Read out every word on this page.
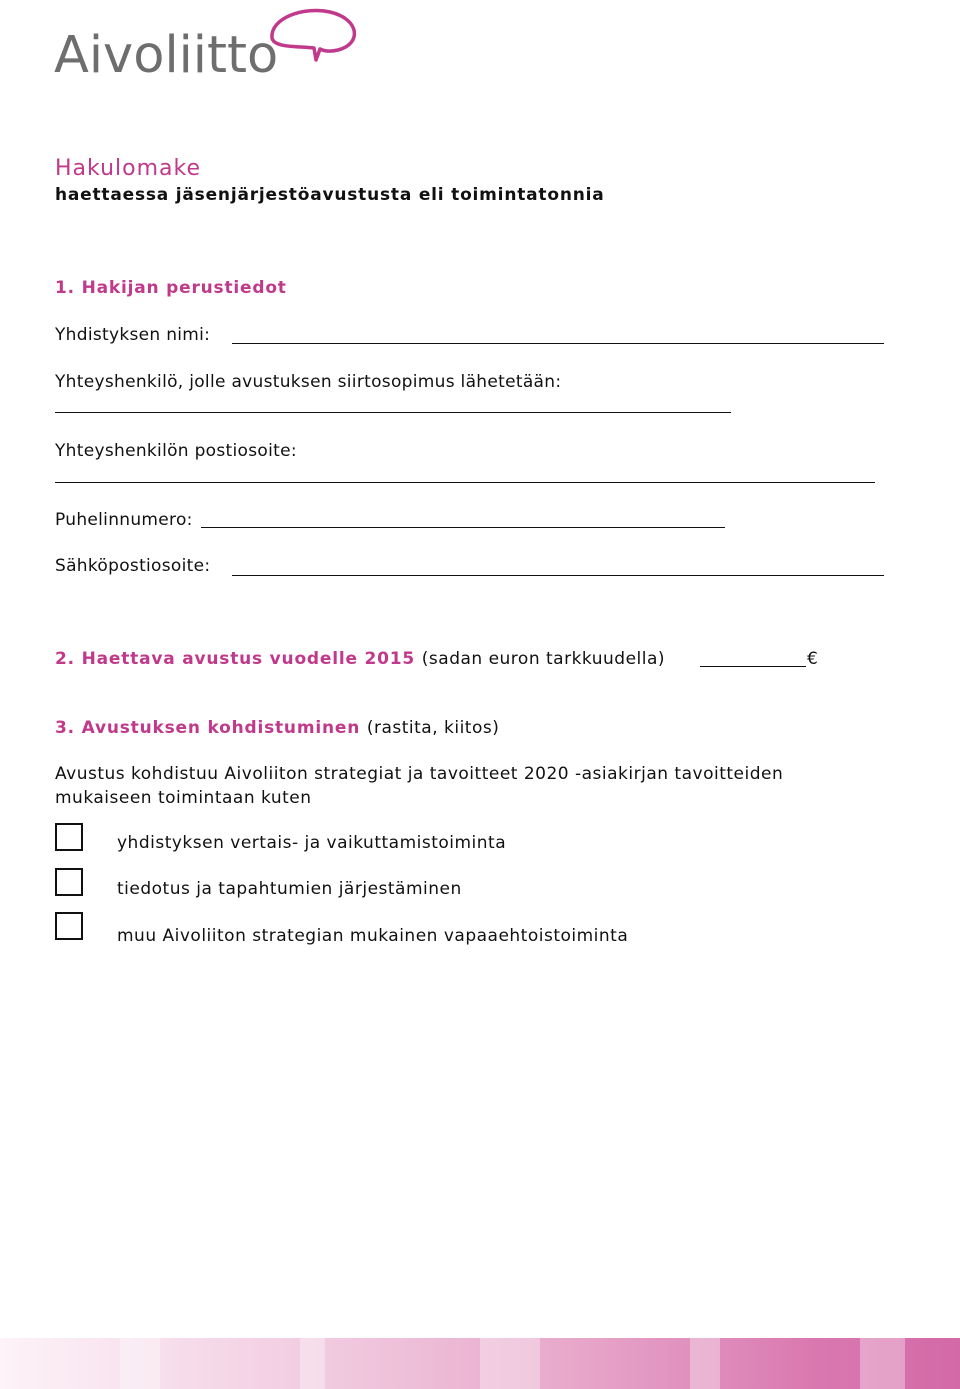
Aivoliitto
Hakulomake
haettaessa jäsenjärjestöavustusta eli toimintatonnia
1. Hakijan perustiedot
Yhdistyksen nimi:
Yhteyshenkilö, jolle avustuksen siirtosopimus lähetetään:
Yhteyshenkilön postiosoite:
Puhelinnumero:
Sähköpostiosoite:
2. Haettava avustus vuodelle 2015 (sadan euron tarkkuudella)	€
3. Avustuksen kohdistuminen (rastita, kiitos)
Avustus kohdistuu Aivoliiton strategiat ja tavoitteet 2020 -asiakirjan tavoitteiden mukaiseen toimintaan kuten
yhdistyksen vertais- ja vaikuttamistoiminta
tiedotus ja tapahtumien järjestäminen
muu Aivoliiton strategian mukainen vapaaehtoistoiminta
